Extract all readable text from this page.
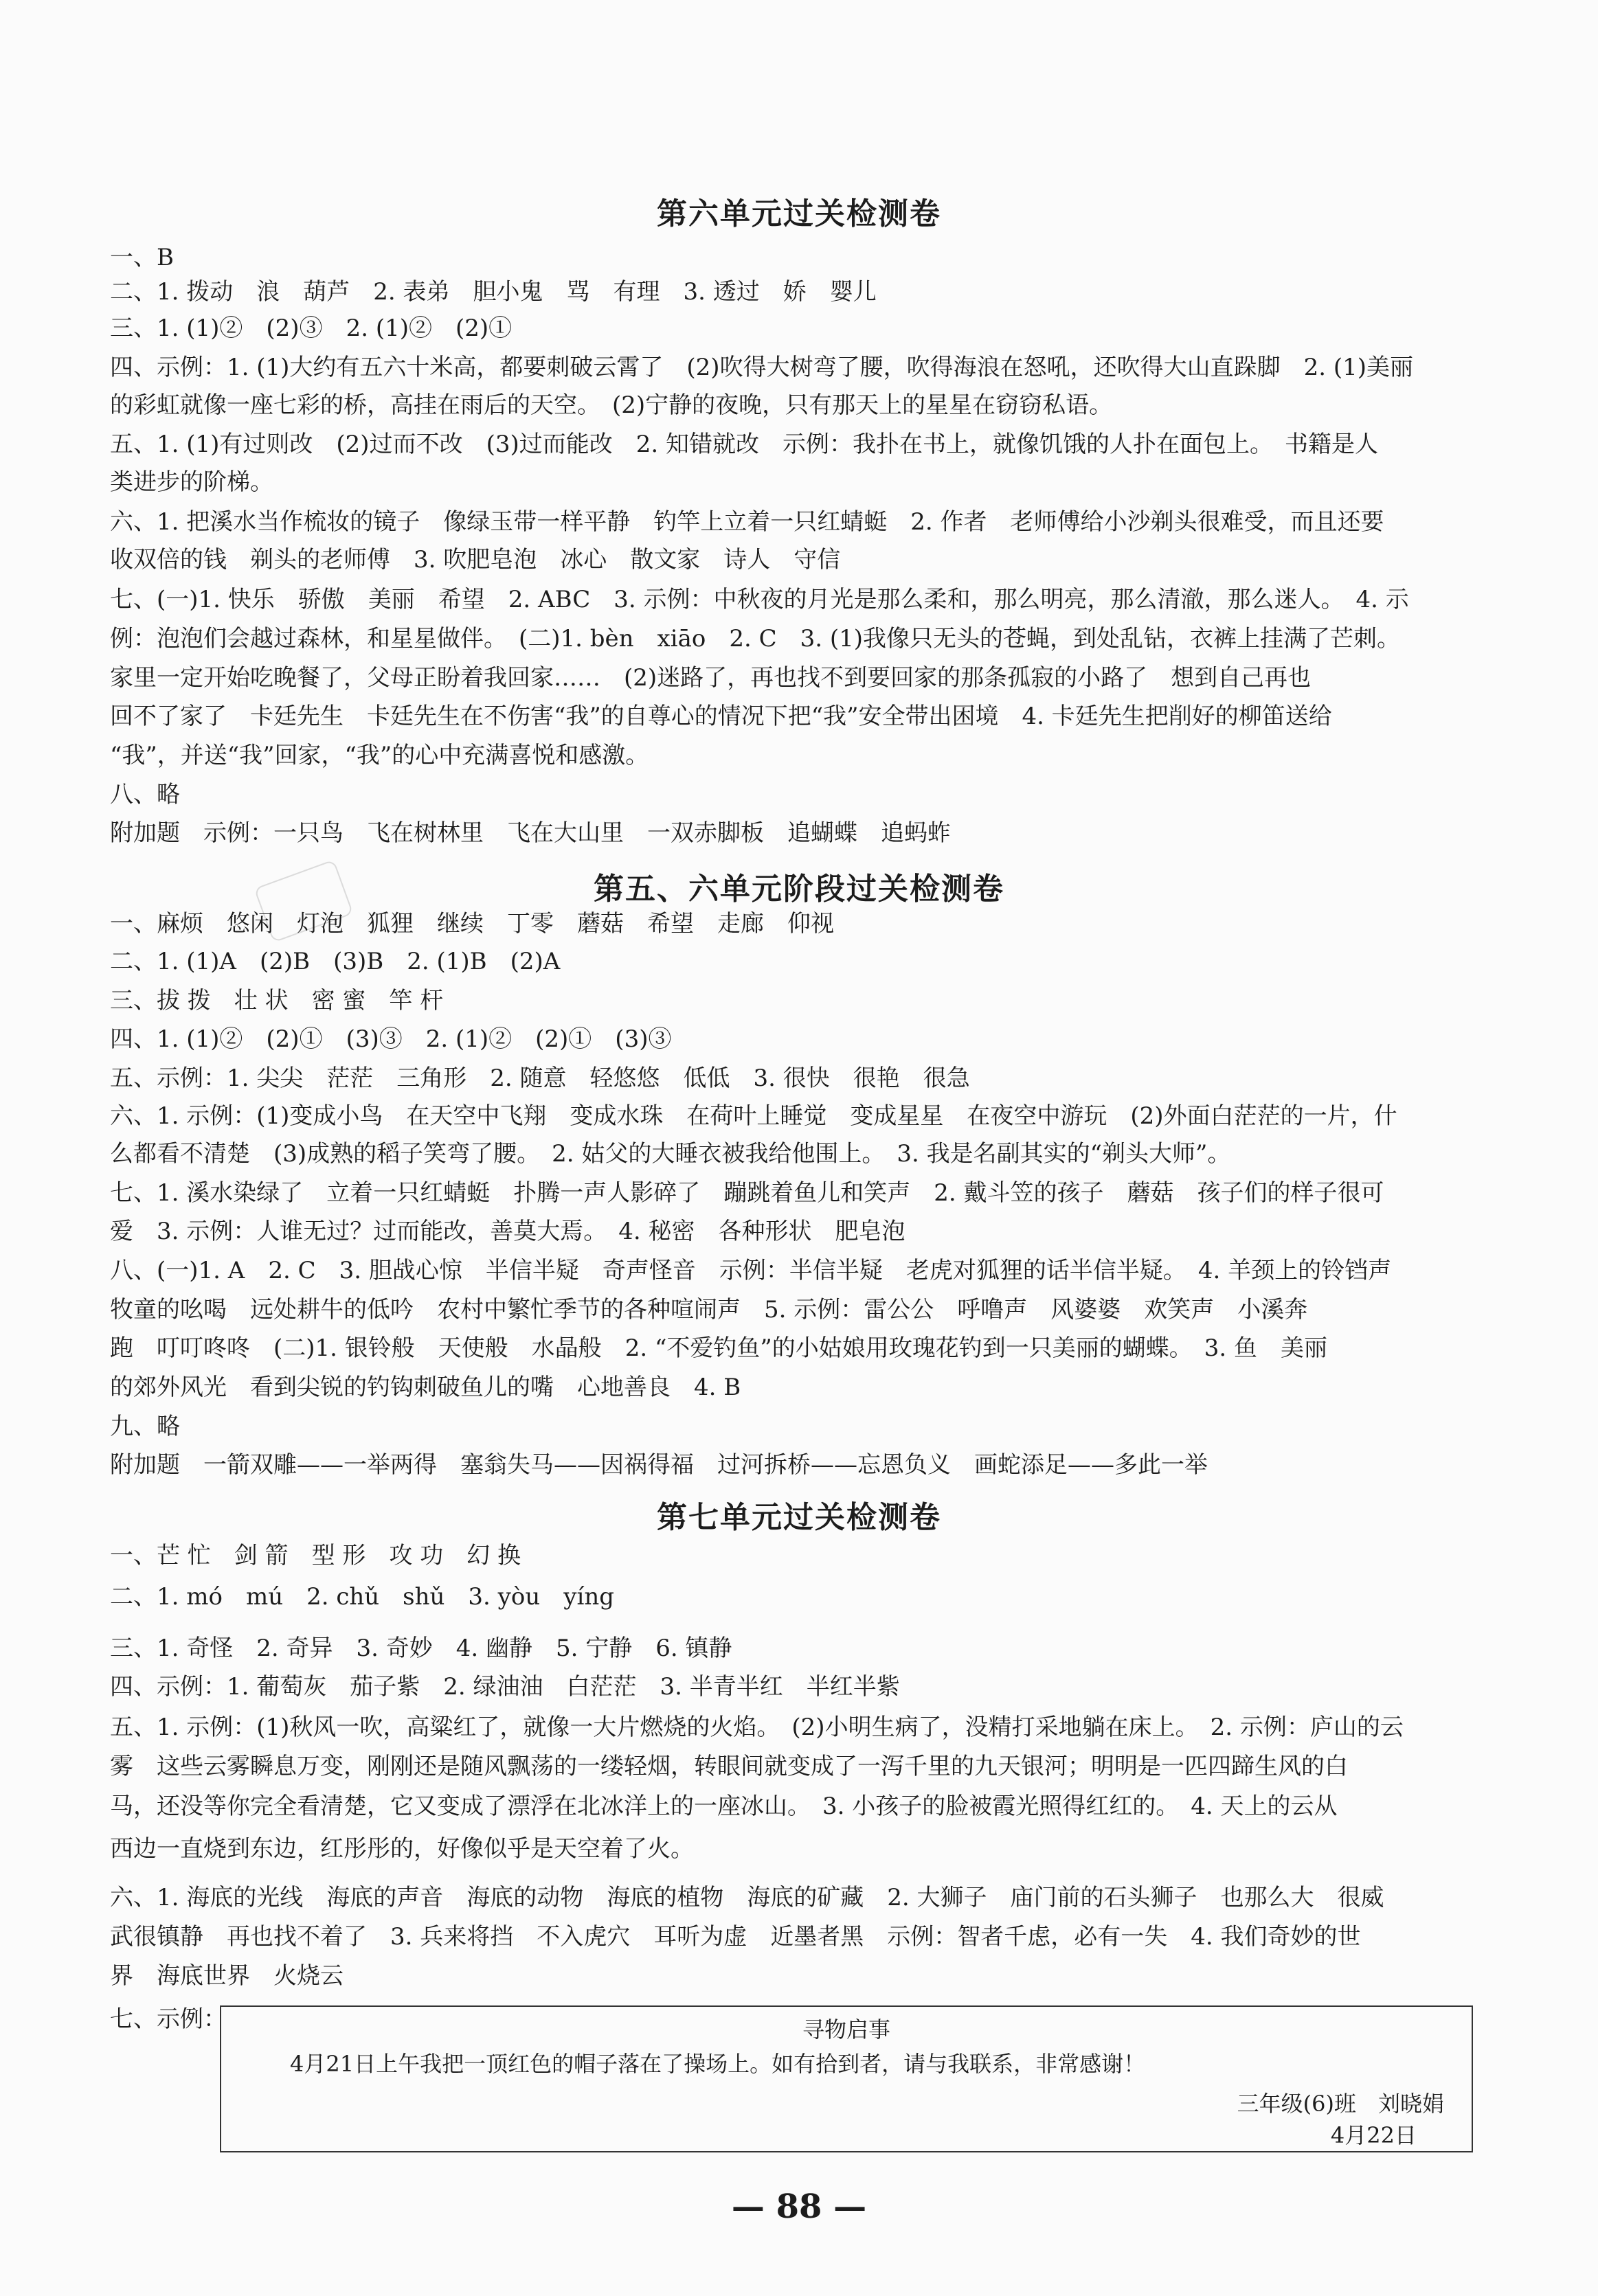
第六单元过关检测卷
一、B
二、1. 拨动　浪　葫芦　2. 表弟　胆小鬼　骂　有理　3. 透过　娇　婴儿
三、1. (1)②　(2)③　2. (1)②　(2)①
四、示例：1. (1)大约有五六十米高，都要刺破云霄了　(2)吹得大树弯了腰，吹得海浪在怒吼，还吹得大山直跺脚　2. (1)美丽
的彩虹就像一座七彩的桥，高挂在雨后的天空。　(2)宁静的夜晚，只有那天上的星星在窃窃私语。
五、1. (1)有过则改　(2)过而不改　(3)过而能改　2. 知错就改　示例：我扑在书上，就像饥饿的人扑在面包上。　书籍是人
类进步的阶梯。
六、1. 把溪水当作梳妆的镜子　像绿玉带一样平静　钓竿上立着一只红蜻蜓　2. 作者　老师傅给小沙剃头很难受，而且还要
收双倍的钱　剃头的老师傅　3. 吹肥皂泡　冰心　散文家　诗人　守信
七、(一)1. 快乐　骄傲　美丽　希望　2. ABC　3. 示例：中秋夜的月光是那么柔和，那么明亮，那么清澈，那么迷人。　4. 示
例：泡泡们会越过森林，和星星做伴。　(二)1. bèn　xiāo　2. C　3. (1)我像只无头的苍蝇，到处乱钻，衣裤上挂满了芒刺。
家里一定开始吃晚餐了，父母正盼着我回家……　(2)迷路了，再也找不到要回家的那条孤寂的小路了　想到自己再也
回不了家了　卡廷先生　卡廷先生在不伤害“我”的自尊心的情况下把“我”安全带出困境　4. 卡廷先生把削好的柳笛送给
“我”，并送“我”回家，“我”的心中充满喜悦和感激。
八、略
附加题　示例：一只鸟　飞在树林里　飞在大山里　一双赤脚板　追蝴蝶　追蚂蚱
第五、六单元阶段过关检测卷
一、麻烦　悠闲　灯泡　狐狸　继续　丁零　蘑菇　希望　走廊　仰视
二、1. (1)A　(2)B　(3)B　2. (1)B　(2)A
三、拔 拨　壮 状　密 蜜　竿 杆
四、1. (1)②　(2)①　(3)③　2. (1)②　(2)①　(3)③
五、示例：1. 尖尖　茫茫　三角形　2. 随意　轻悠悠　低低　3. 很快　很艳　很急
六、1. 示例：(1)变成小鸟　在天空中飞翔　变成水珠　在荷叶上睡觉　变成星星　在夜空中游玩　(2)外面白茫茫的一片，什
么都看不清楚　(3)成熟的稻子笑弯了腰。　2. 姑父的大睡衣被我给他围上。　3. 我是名副其实的“剃头大师”。
七、1. 溪水染绿了　立着一只红蜻蜓　扑腾一声人影碎了　蹦跳着鱼儿和笑声　2. 戴斗笠的孩子　蘑菇　孩子们的样子很可
爱　3. 示例：人谁无过？过而能改，善莫大焉。　4. 秘密　各种形状　肥皂泡
八、(一)1. A　2. C　3. 胆战心惊　半信半疑　奇声怪音　示例：半信半疑　老虎对狐狸的话半信半疑。　4. 羊颈上的铃铛声
牧童的吆喝　远处耕牛的低吟　农村中繁忙季节的各种喧闹声　5. 示例：雷公公　呼噜声　风婆婆　欢笑声　小溪奔
跑　叮叮咚咚　(二)1. 银铃般　天使般　水晶般　2. “不爱钓鱼”的小姑娘用玫瑰花钓到一只美丽的蝴蝶。　3. 鱼　美丽
的郊外风光　看到尖锐的钓钩刺破鱼儿的嘴　心地善良　4. B
九、略
附加题　一箭双雕——一举两得　塞翁失马——因祸得福　过河拆桥——忘恩负义　画蛇添足——多此一举
第七单元过关检测卷
一、芒 忙　剑 箭　型 形　攻 功　幻 换
二、1. mó　mú　2. chǔ　shǔ　3. yòu　yíng
三、1. 奇怪　2. 奇异　3. 奇妙　4. 幽静　5. 宁静　6. 镇静
四、示例：1. 葡萄灰　茄子紫　2. 绿油油　白茫茫　3. 半青半红　半红半紫
五、1. 示例：(1)秋风一吹，高粱红了，就像一大片燃烧的火焰。　(2)小明生病了，没精打采地躺在床上。　2. 示例：庐山的云
雾　这些云雾瞬息万变，刚刚还是随风飘荡的一缕轻烟，转眼间就变成了一泻千里的九天银河；明明是一匹四蹄生风的白
马，还没等你完全看清楚，它又变成了漂浮在北冰洋上的一座冰山。　3. 小孩子的脸被霞光照得红红的。　4. 天上的云从
西边一直烧到东边，红彤彤的，好像似乎是天空着了火。
六、1. 海底的光线　海底的声音　海底的动物　海底的植物　海底的矿藏　2. 大狮子　庙门前的石头狮子　也那么大　很威
武很镇静　再也找不着了　3. 兵来将挡　不入虎穴　耳听为虚　近墨者黑　示例：智者千虑，必有一失　4. 我们奇妙的世
界　海底世界　火烧云
七、示例：	寻物启事
4月21日上午我把一顶红色的帽子落在了操场上。如有拾到者，请与我联系，非常感谢！
三年级(6)班　刘晓娟
4月22日
— 88 —
